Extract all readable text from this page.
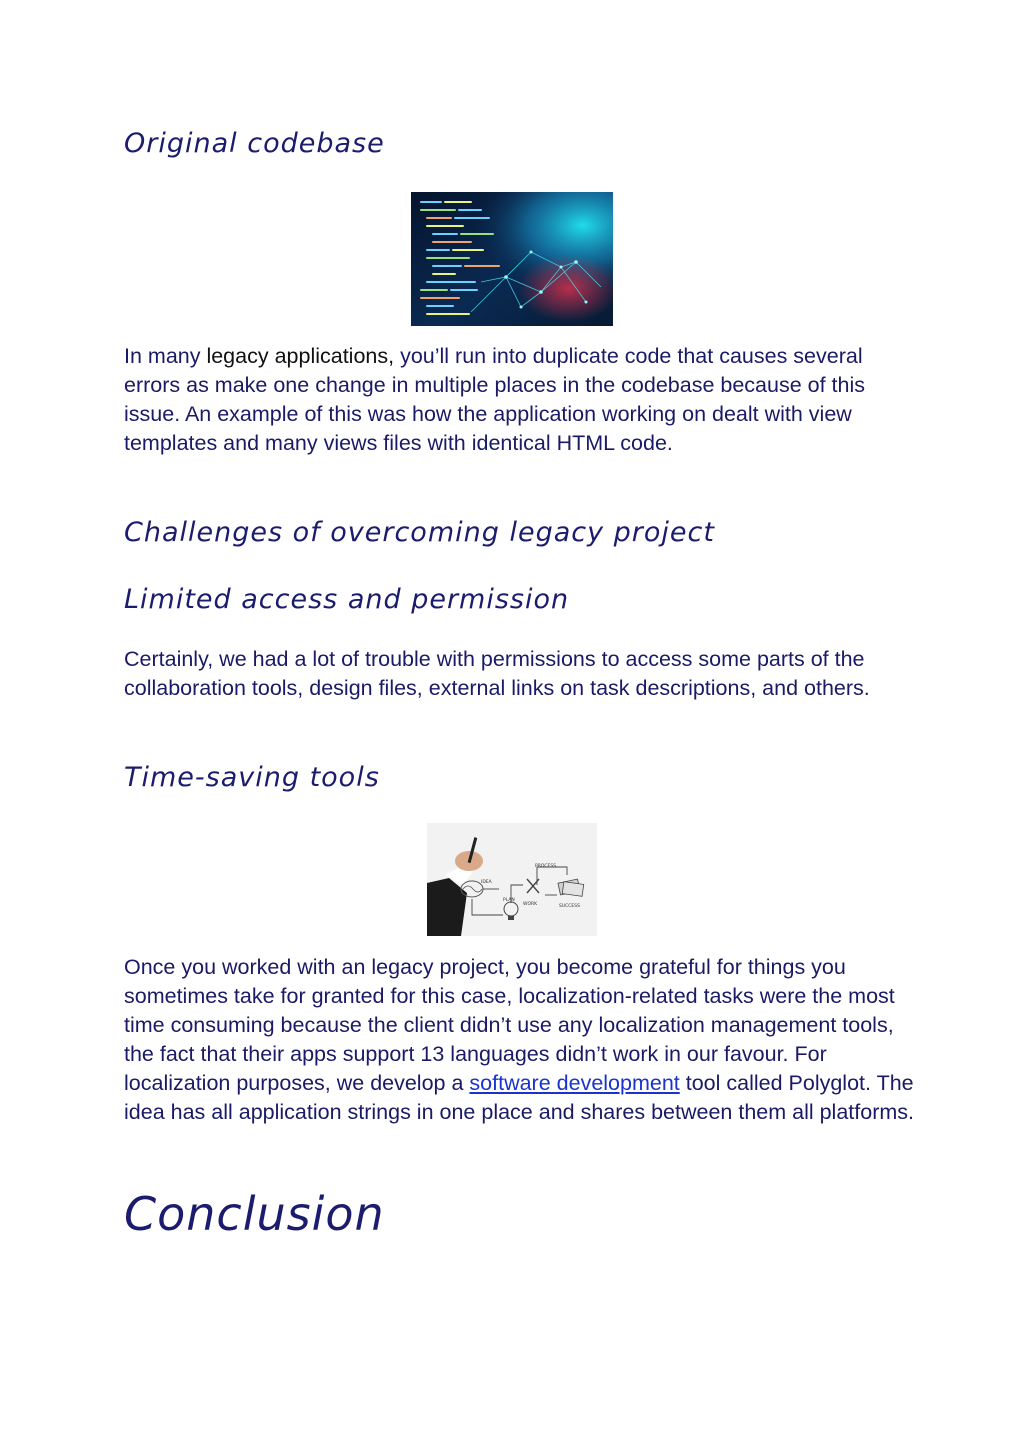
Original codebase

In many legacy applications, you’ll run into duplicate code that causes several errors as make one change in multiple places in the codebase because of this issue. An example of this was how the application working on dealt with view templates and many views files with identical HTML code.

Challenges of overcoming legacy project
Limited access and permission

Certainly, we had a lot of trouble with permissions to access some parts of the collaboration tools, design files, external links on task descriptions, and others.

Time-saving tools
PROCESS
IDEA
PLAN
WORK	SUCCESS

Once you worked with an legacy project, you become grateful for things you sometimes take for granted for this case, localization-related tasks were the most time consuming because the client didn’t use any localization management tools, the fact that their apps support 13 languages didn’t work in our favour. For localization purposes, we develop a software development tool called Polyglot. The idea has all application strings in one place and shares between them all platforms.

Conclusion
